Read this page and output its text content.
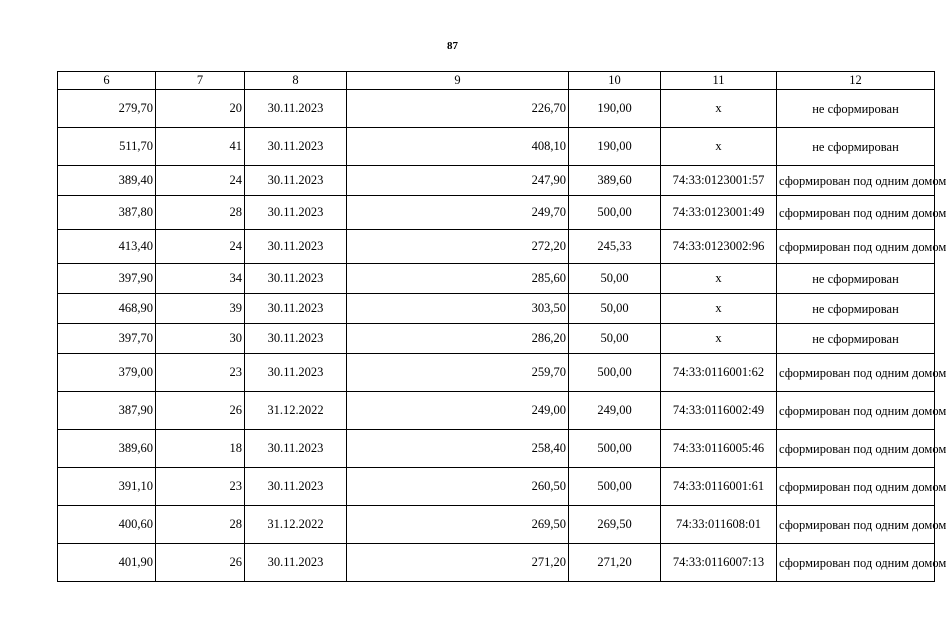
87
6	7	8	9	10	11	12
279,70	20	30.11.2023	226,70	190,00	х	не сформирован
511,70	41	30.11.2023	408,10	190,00	х	не сформирован
389,40	24	30.11.2023	247,90	389,60	74:33:0123001:57	сформирован под одним домом
387,80	28	30.11.2023	249,70	500,00	74:33:0123001:49	сформирован под одним домом
413,40	24	30.11.2023	272,20	245,33	74:33:0123002:96	сформирован под одним домом
397,90	34	30.11.2023	285,60	50,00	х	не сформирован
468,90	39	30.11.2023	303,50	50,00	х	не сформирован
397,70	30	30.11.2023	286,20	50,00	х	не сформирован
379,00	23	30.11.2023	259,70	500,00	74:33:0116001:62	сформирован под одним домом
387,90	26	31.12.2022	249,00	249,00	74:33:0116002:49	сформирован под одним домом
389,60	18	30.11.2023	258,40	500,00	74:33:0116005:46	сформирован под одним домом
391,10	23	30.11.2023	260,50	500,00	74:33:0116001:61	сформирован под одним домом
400,60	28	31.12.2022	269,50	269,50	74:33:011608:01	сформирован под одним домом
401,90	26	30.11.2023	271,20	271,20	74:33:0116007:13	сформирован под одним домом
